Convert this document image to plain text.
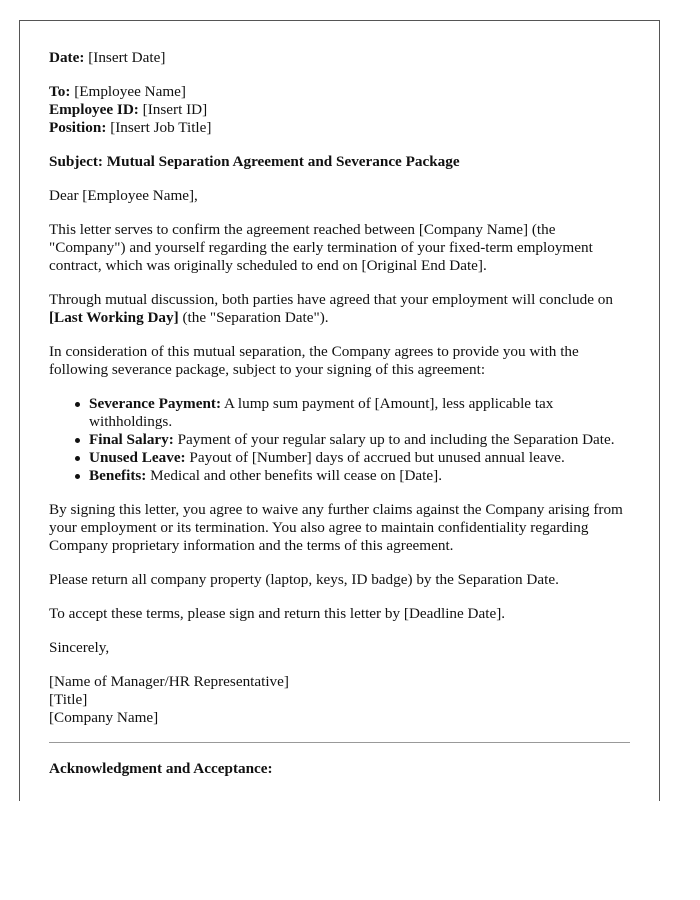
Date: [Insert Date]
To: [Employee Name]
Employee ID: [Insert ID]
Position: [Insert Job Title]
Subject: Mutual Separation Agreement and Severance Package
Dear [Employee Name],
This letter serves to confirm the agreement reached between [Company Name] (the "Company") and yourself regarding the early termination of your fixed-term employment contract, which was originally scheduled to end on [Original End Date].
Through mutual discussion, both parties have agreed that your employment will conclude on [Last Working Day] (the "Separation Date").
In consideration of this mutual separation, the Company agrees to provide you with the following severance package, subject to your signing of this agreement:
Severance Payment: A lump sum payment of [Amount], less applicable tax withholdings.
Final Salary: Payment of your regular salary up to and including the Separation Date.
Unused Leave: Payout of [Number] days of accrued but unused annual leave.
Benefits: Medical and other benefits will cease on [Date].
By signing this letter, you agree to waive any further claims against the Company arising from your employment or its termination. You also agree to maintain confidentiality regarding Company proprietary information and the terms of this agreement.
Please return all company property (laptop, keys, ID badge) by the Separation Date.
To accept these terms, please sign and return this letter by [Deadline Date].
Sincerely,
[Name of Manager/HR Representative]
[Title]
[Company Name]
Acknowledgment and Acceptance:
